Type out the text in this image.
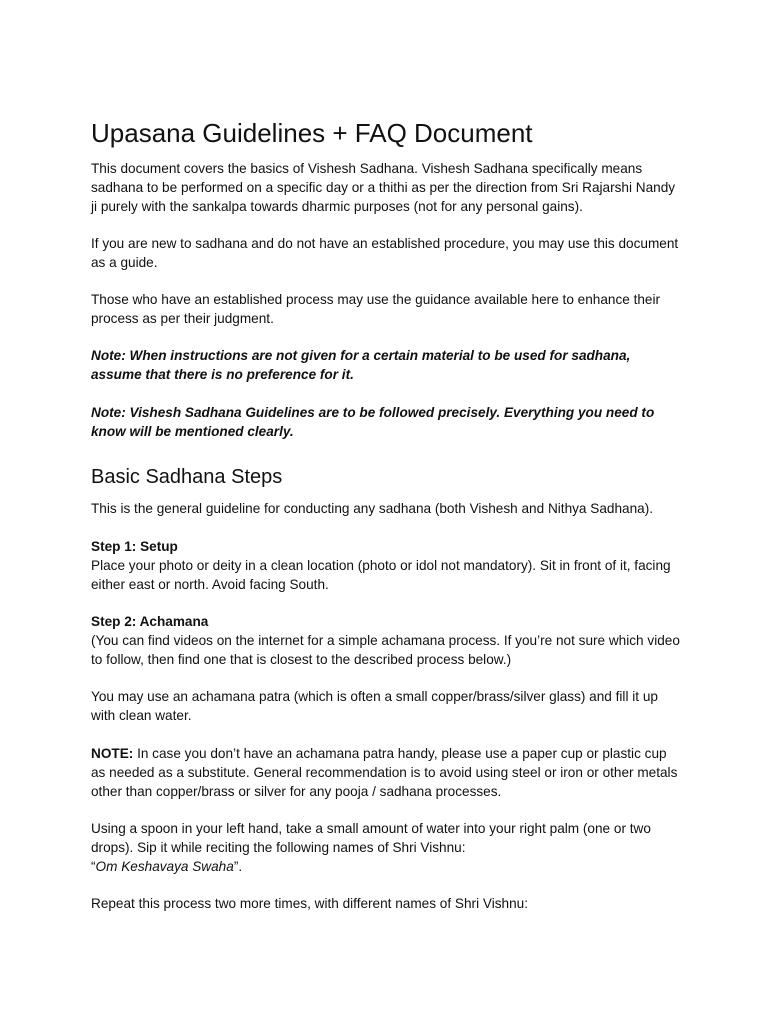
Upasana Guidelines + FAQ Document

This document covers the basics of Vishesh Sadhana. Vishesh Sadhana specifically means sadhana to be performed on a specific day or a thithi as per the direction from Sri Rajarshi Nandy ji purely with the sankalpa towards dharmic purposes (not for any personal gains).

If you are new to sadhana and do not have an established procedure, you may use this document as a guide.

Those who have an established process may use the guidance available here to enhance their process as per their judgment.

Note: When instructions are not given for a certain material to be used for sadhana, assume that there is no preference for it.

Note: Vishesh Sadhana Guidelines are to be followed precisely. Everything you need to know will be mentioned clearly.

Basic Sadhana Steps

This is the general guideline for conducting any sadhana (both Vishesh and Nithya Sadhana).

Step 1: Setup

Place your photo or deity in a clean location (photo or idol not mandatory). Sit in front of it, facing either east or north. Avoid facing South.

Step 2: Achamana

(You can find videos on the internet for a simple achamana process. If you’re not sure which video to follow, then find one that is closest to the described process below.)

You may use an achamana patra (which is often a small copper/brass/silver glass) and fill it up with clean water.

NOTE: In case you don’t have an achamana patra handy, please use a paper cup or plastic cup as needed as a substitute. General recommendation is to avoid using steel or iron or other metals other than copper/brass or silver for any pooja / sadhana processes.

Using a spoon in your left hand, take a small amount of water into your right palm (one or two drops). Sip it while reciting the following names of Shri Vishnu:
“Om Keshavaya Swaha”.

Repeat this process two more times, with different names of Shri Vishnu:
